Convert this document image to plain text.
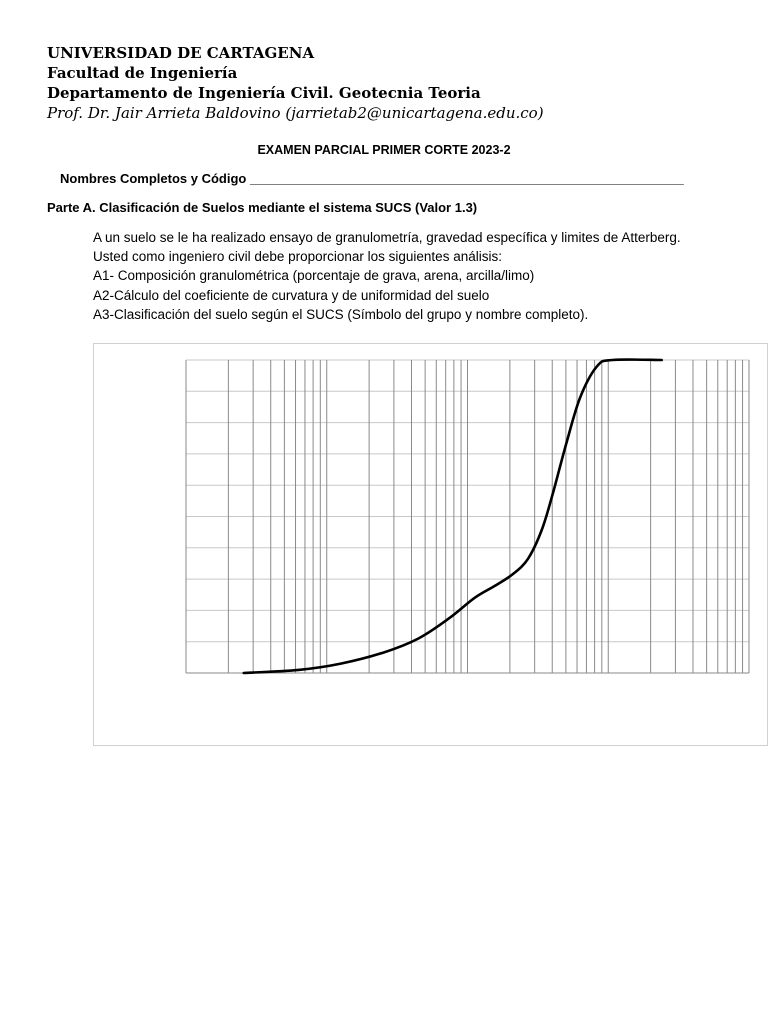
UNIVERSIDAD DE CARTAGENA
Facultad de Ingeniería
Departamento de Ingeniería Civil. Geotecnia Teoria
Prof. Dr. Jair Arrieta Baldovino (jarrietab2@unicartagena.edu.co)
EXAMEN PARCIAL PRIMER CORTE 2023-2
Nombres Completos y Código ____________________________________________________________
Parte A. Clasificación de Suelos mediante el sistema SUCS (Valor 1.3)
A un suelo se le ha realizado ensayo de granulometría, gravedad específica y limites de Atterberg.
Usted como ingeniero civil debe proporcionar los siguientes análisis:
A1- Composición granulométrica (porcentaje de grava, arena, arcilla/limo)
A2-Cálculo del coeficiente de curvatura y de uniformidad del suelo
A3-Clasificación del suelo según el SUCS (Símbolo del grupo y nombre completo).
